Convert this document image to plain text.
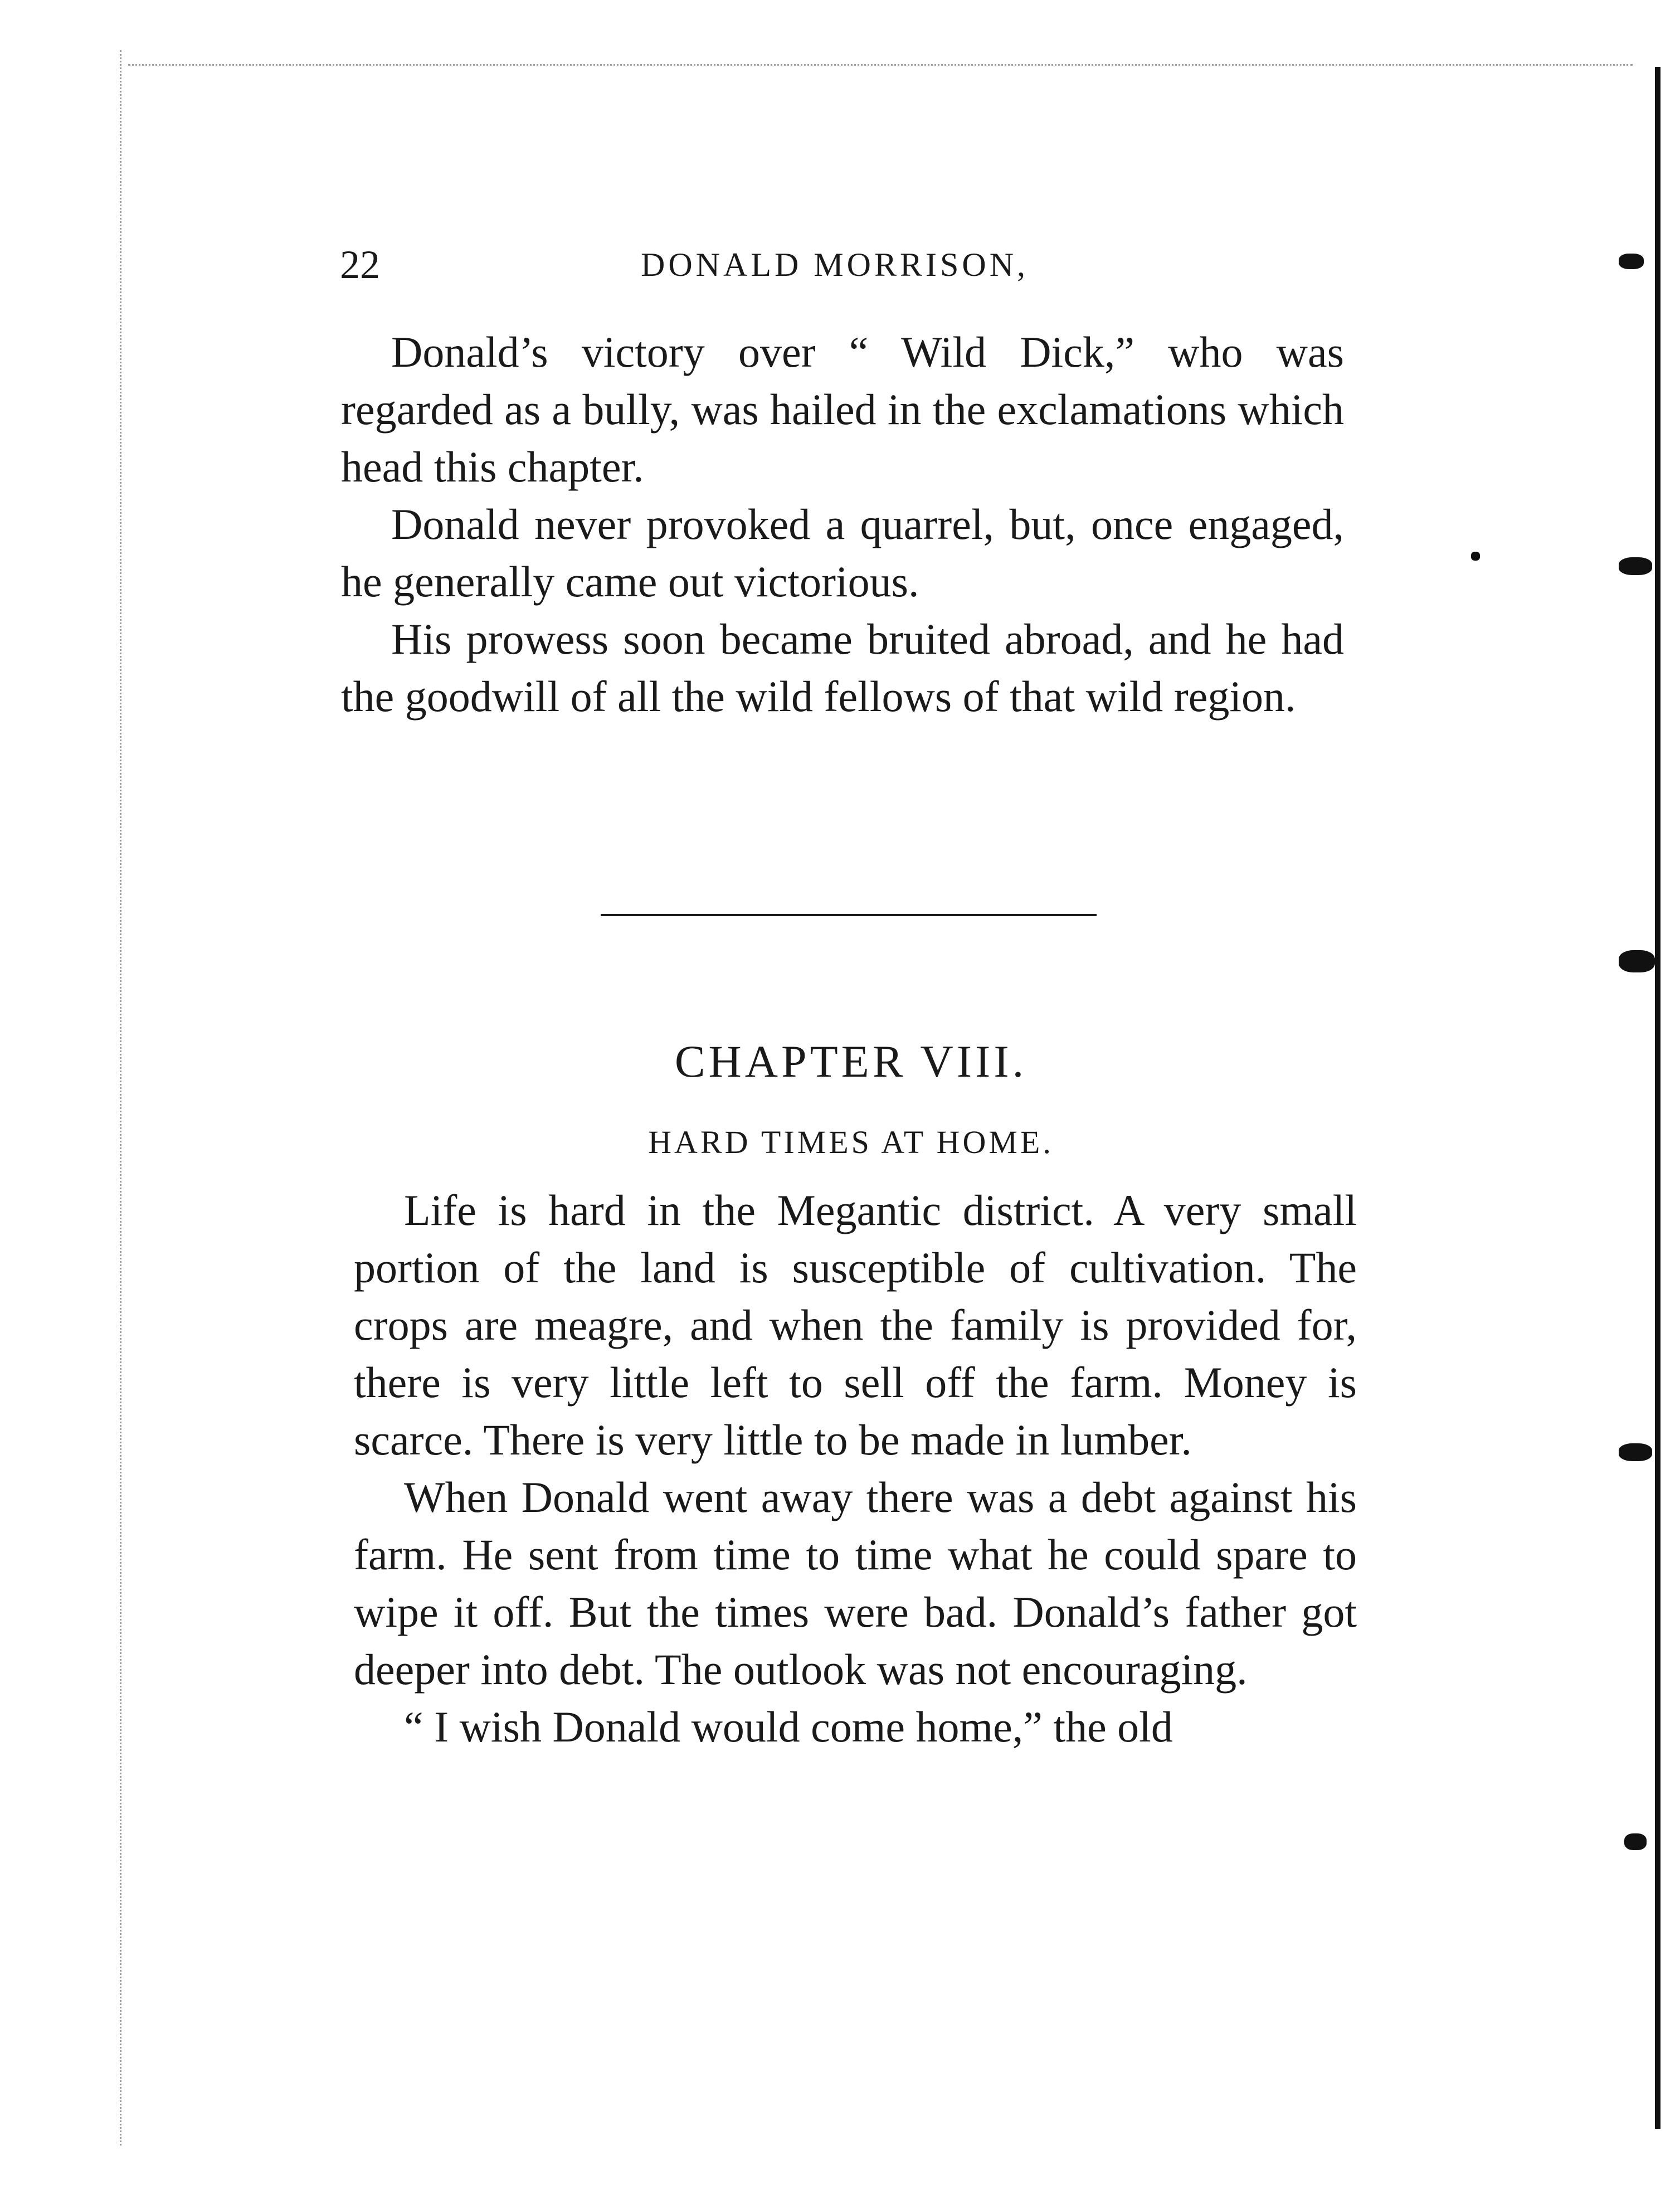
22	DONALD MORRISON,

Donald’s victory over “ Wild Dick,” who was regarded as a bully, was hailed in the exclamations which head this chapter.

Donald never provoked a quarrel, but, once engaged, he generally came out victorious.

His prowess soon became bruited abroad, and he had the goodwill of all the wild fellows of that wild region.

CHAPTER VIII.
HARD TIMES AT HOME.

Life is hard in the Megantic district. A very small portion of the land is susceptible of cultivation. The crops are meagre, and when the family is provided for, there is very little left to sell off the farm. Money is scarce. There is very little to be made in lumber.

When Donald went away there was a debt against his farm. He sent from time to time what he could spare to wipe it off. But the times were bad. Donald’s father got deeper into debt. The outlook was not encouraging.

“ I wish Donald would come home,” the old
